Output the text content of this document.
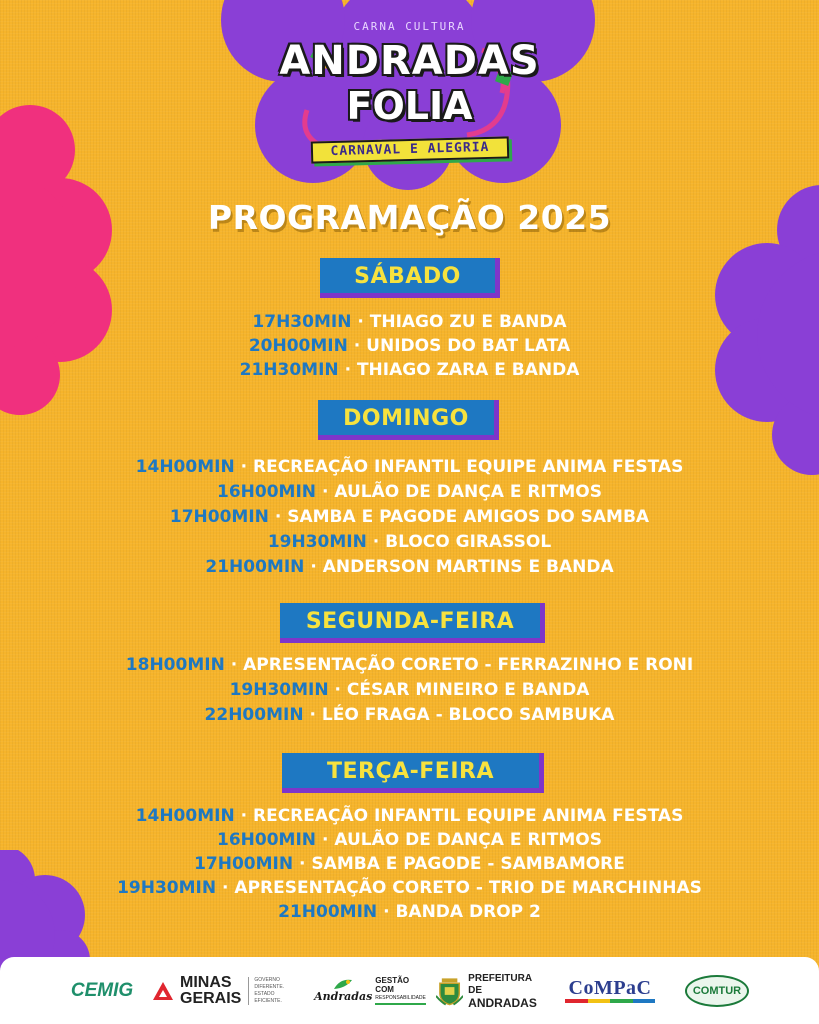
CARNA CULTURA
ANDRADAS
FOLIA
CARNAVAL E ALEGRIA
PROGRAMAÇÃO 2025
SÁBADO
DOMINGO
SEGUNDA-FEIRA
TERÇA-FEIRA
17H30MIN · THIAGO ZU E BANDA
20H00MIN · UNIDOS DO BAT LATA
21H30MIN · THIAGO ZARA E BANDA
14H00MIN · RECREAÇÃO INFANTIL EQUIPE ANIMA FESTAS
16H00MIN · AULÃO DE DANÇA E RITMOS
17H00MIN · SAMBA E PAGODE AMIGOS DO SAMBA
19H30MIN · BLOCO GIRASSOL
21H00MIN · ANDERSON MARTINS E BANDA
18H00MIN · APRESENTAÇÃO CORETO - FERRAZINHO E RONI
19H30MIN · CÉSAR MINEIRO E BANDA
22H00MIN · LÉO FRAGA - BLOCO SAMBUKA
14H00MIN · RECREAÇÃO INFANTIL EQUIPE ANIMA FESTAS
16H00MIN · AULÃO DE DANÇA E RITMOS
17H00MIN · SAMBA E PAGODE - SAMBAMORE
19H30MIN · APRESENTAÇÃO CORETO - TRIO DE MARCHINHAS
21H00MIN · BANDA DROP 2
CEMIG	MINAS
GERAIS
GOVERNO
DIFERENTE.
ESTADO
EFICIENTE.	Andradas
GESTÃO COM
RESPONSABILIDADE
PREFEITURA DE
ANDRADAS
CoMPaC	COMTUR
